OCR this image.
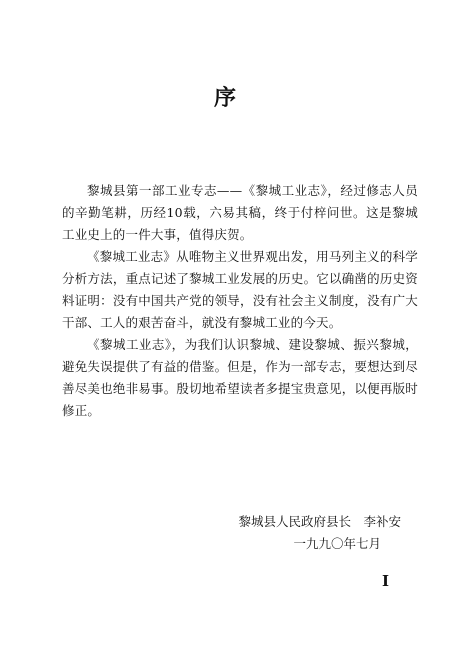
序

黎城县第一部工业专志——《黎城工业志》，经过修志人员的辛勤笔耕，历经10载，六易其稿，终于付梓问世。这是黎城工业史上的一件大事，值得庆贺。

《黎城工业志》从唯物主义世界观出发，用马列主义的科学分析方法，重点记述了黎城工业发展的历史。它以确凿的历史资料证明：没有中国共产党的领导，没有社会主义制度，没有广大干部、工人的艰苦奋斗，就没有黎城工业的今天。

《黎城工业志》，为我们认识黎城、建设黎城、振兴黎城，避免失误提供了有益的借鉴。但是，作为一部专志，要想达到尽善尽美也绝非易事。殷切地希望读者多提宝贵意见，以便再版时修正。

黎城县人民政府县长　李补安
一九九〇年七月
I
